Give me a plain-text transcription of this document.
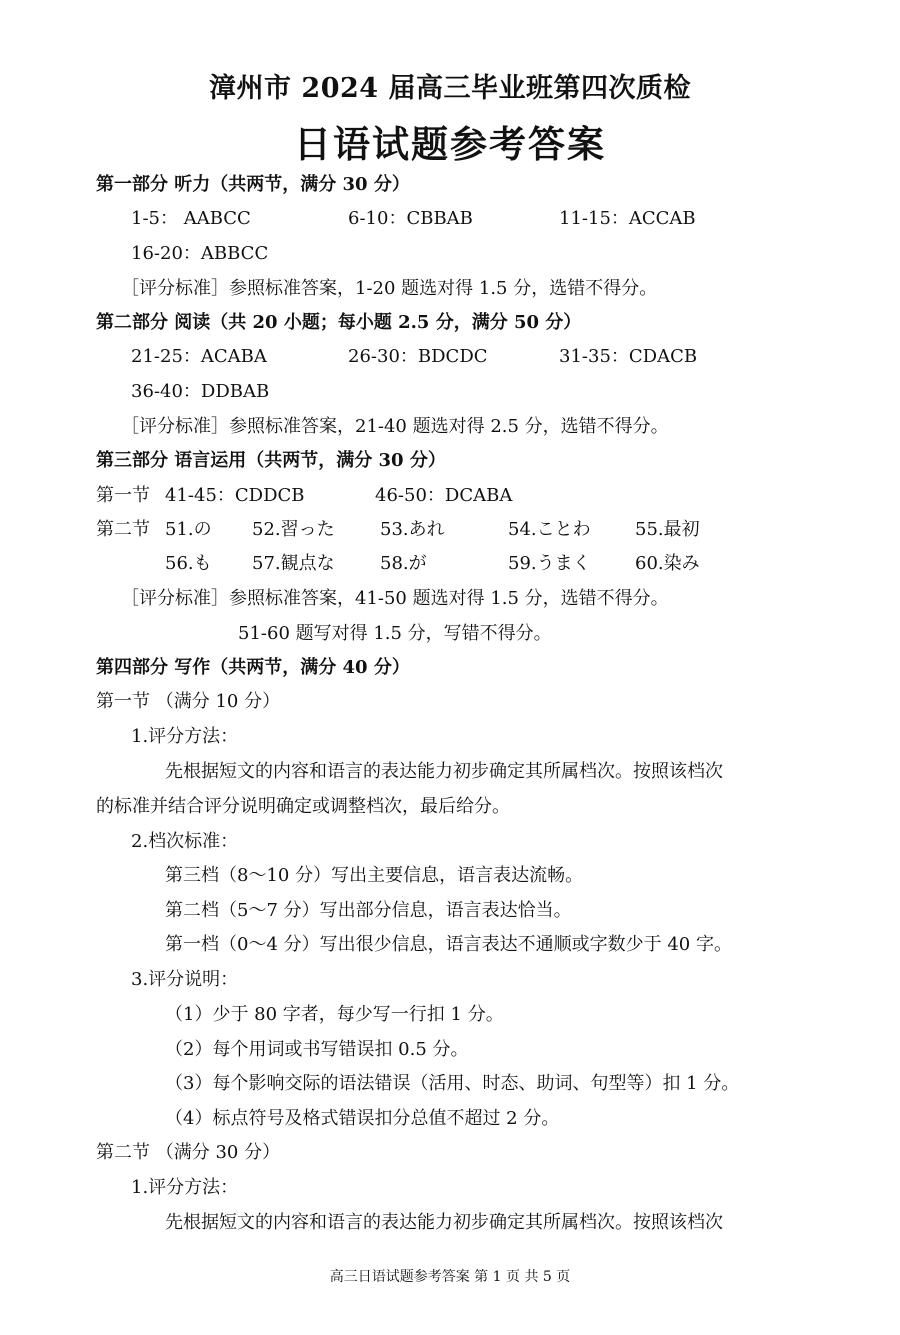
漳州市 2024 届高三毕业班第四次质检
日语试题参考答案
第一部分 听力（共两节，满分 30 分）
1-5： AABCC	6-10：CBBAB	11-15：ACCAB
16-20：ABBCC
［评分标准］参照标准答案，1-20 题选对得 1.5 分，选错不得分。
第二部分 阅读（共 20 小题；每小题 2.5 分，满分 50 分）
21-25：ACABA	26-30：BDCDC	31-35：CDACB
36-40：DDBAB
［评分标准］参照标准答案，21-40 题选对得 2.5 分，选错不得分。
第三部分 语言运用（共两节，满分 30 分）
第一节 41-45：CDDCB	46-50：DCABA
第二节 51.の 52.習った	53.あれ	54.ことわ 55.最初
56.も 57.観点な	58.が	59.うまく 60.染み
［评分标准］参照标准答案，41-50 题选对得 1.5 分，选错不得分。
51-60 题写对得 1.5 分，写错不得分。
第四部分 写作（共两节，满分 40 分）
第一节 （满分 10 分）
1.评分方法：
先根据短文的内容和语言的表达能力初步确定其所属档次。按照该档次
的标准并结合评分说明确定或调整档次，最后给分。
2.档次标准：
第三档（8～10 分）写出主要信息，语言表达流畅。
第二档（5～7 分）写出部分信息，语言表达恰当。
第一档（0～4 分）写出很少信息，语言表达不通顺或字数少于 40 字。
3.评分说明：
（1）少于 80 字者，每少写一行扣 1 分。
（2）每个用词或书写错误扣 0.5 分。
（3）每个影响交际的语法错误（活用、时态、助词、句型等）扣 1 分。
（4）标点符号及格式错误扣分总值不超过 2 分。
第二节 （满分 30 分）
1.评分方法：
先根据短文的内容和语言的表达能力初步确定其所属档次。按照该档次
高三日语试题参考答案 第 1 页 共 5 页
